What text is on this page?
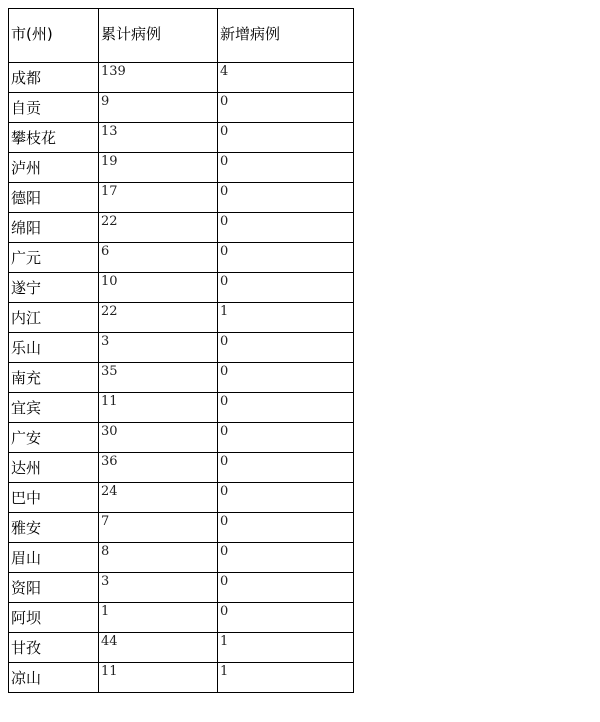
市(州)	累计病例	新增病例
成都	139	4
自贡	9	0
攀枝花	13	0
泸州	19	0
德阳	17	0
绵阳	22	0
广元	6	0
遂宁	10	0
内江	22	1
乐山	3	0
南充	35	0
宜宾	11	0
广安	30	0
达州	36	0
巴中	24	0
雅安	7	0
眉山	8	0
资阳	3	0
阿坝	1	0
甘孜	44	1
凉山	11	1
